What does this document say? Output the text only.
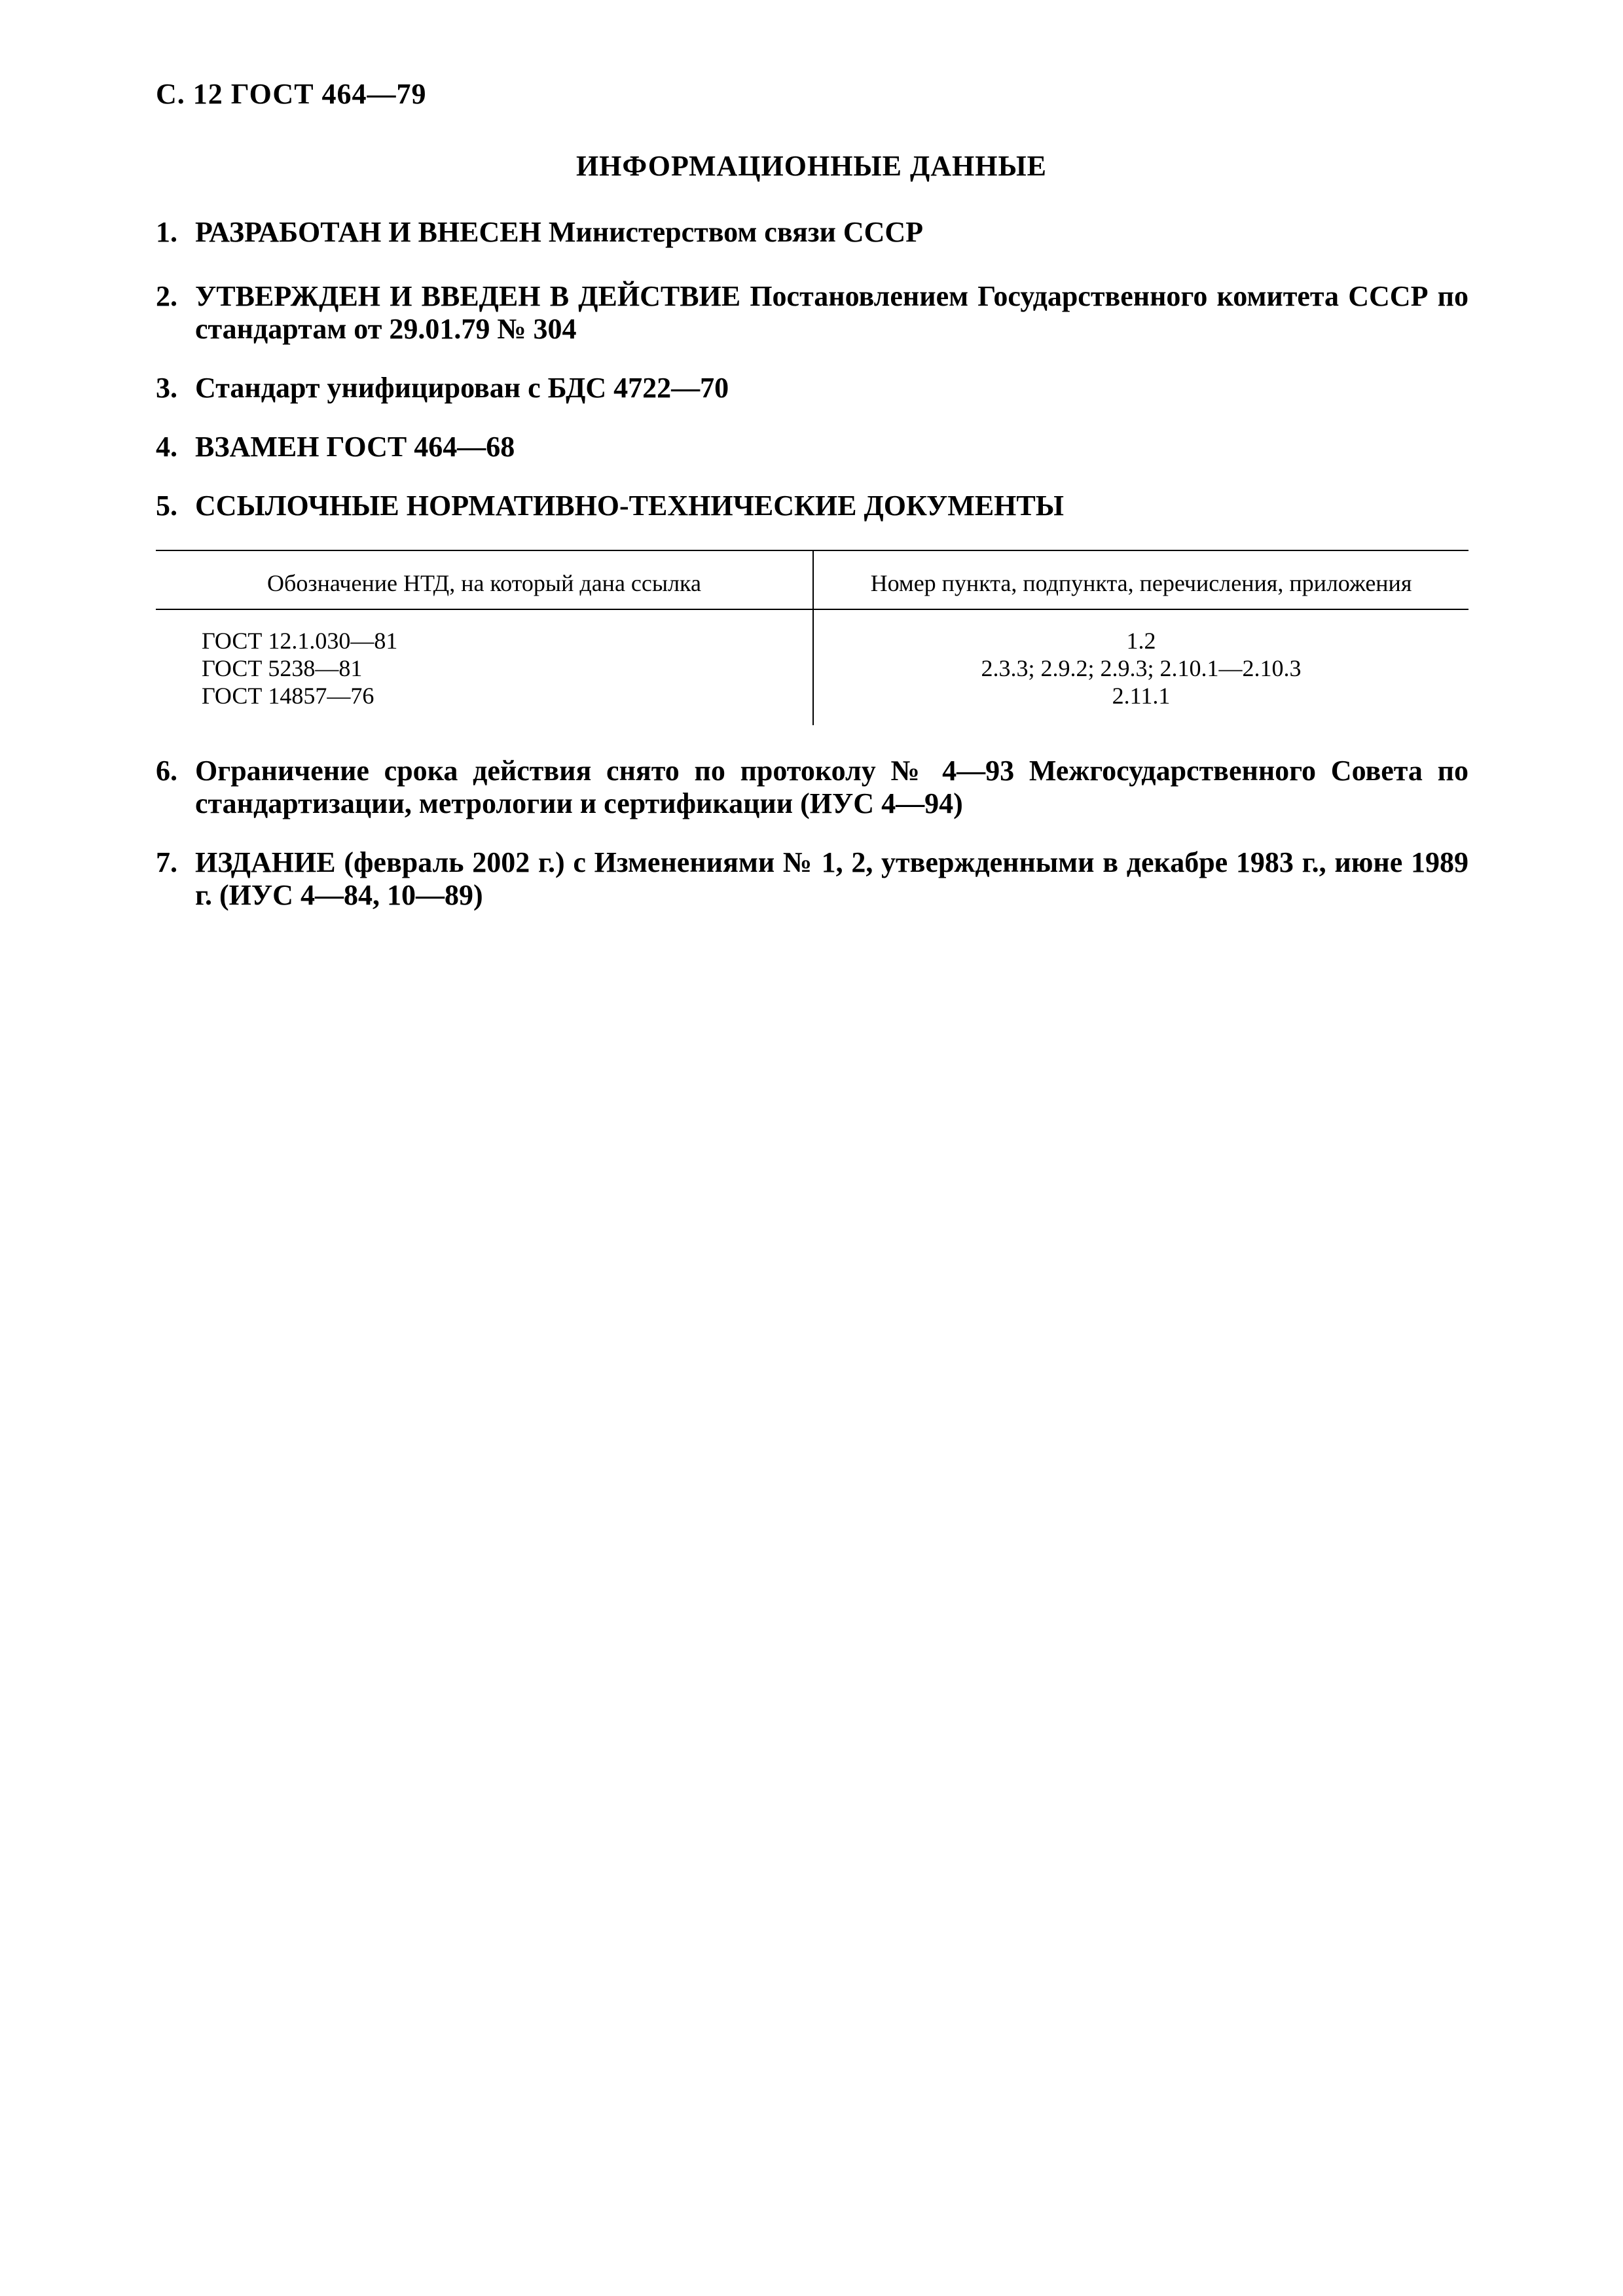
С. 12 ГОСТ 464—79
ИНФОРМАЦИОННЫЕ ДАННЫЕ
1. РАЗРАБОТАН И ВНЕСЕН Министерством связи СССР
2. УТВЕРЖДЕН И ВВЕДЕН В ДЕЙСТВИЕ Постановлением Государственного комитета СССР по стандартам от 29.01.79 № 304
3. Стандарт унифицирован с БДС 4722—70
4. ВЗАМЕН ГОСТ 464—68
5. ССЫЛОЧНЫЕ НОРМАТИВНО-ТЕХНИЧЕСКИЕ ДОКУМЕНТЫ
Обозначение НТД, на который дана ссылка	Номер пункта, подпункта, перечисления, приложения
ГОСТ 12.1.030—81
ГОСТ 5238—81
ГОСТ 14857—76
1.2
2.3.3; 2.9.2; 2.9.3; 2.10.1—2.10.3
2.11.1
6. Ограничение срока действия снято по протоколу № 4—93 Межгосударственного Совета по стандартизации, метрологии и сертификации (ИУС 4—94)
7. ИЗДАНИЕ (февраль 2002 г.) с Изменениями № 1, 2, утвержденными в декабре 1983 г., июне 1989 г. (ИУС 4—84, 10—89)
